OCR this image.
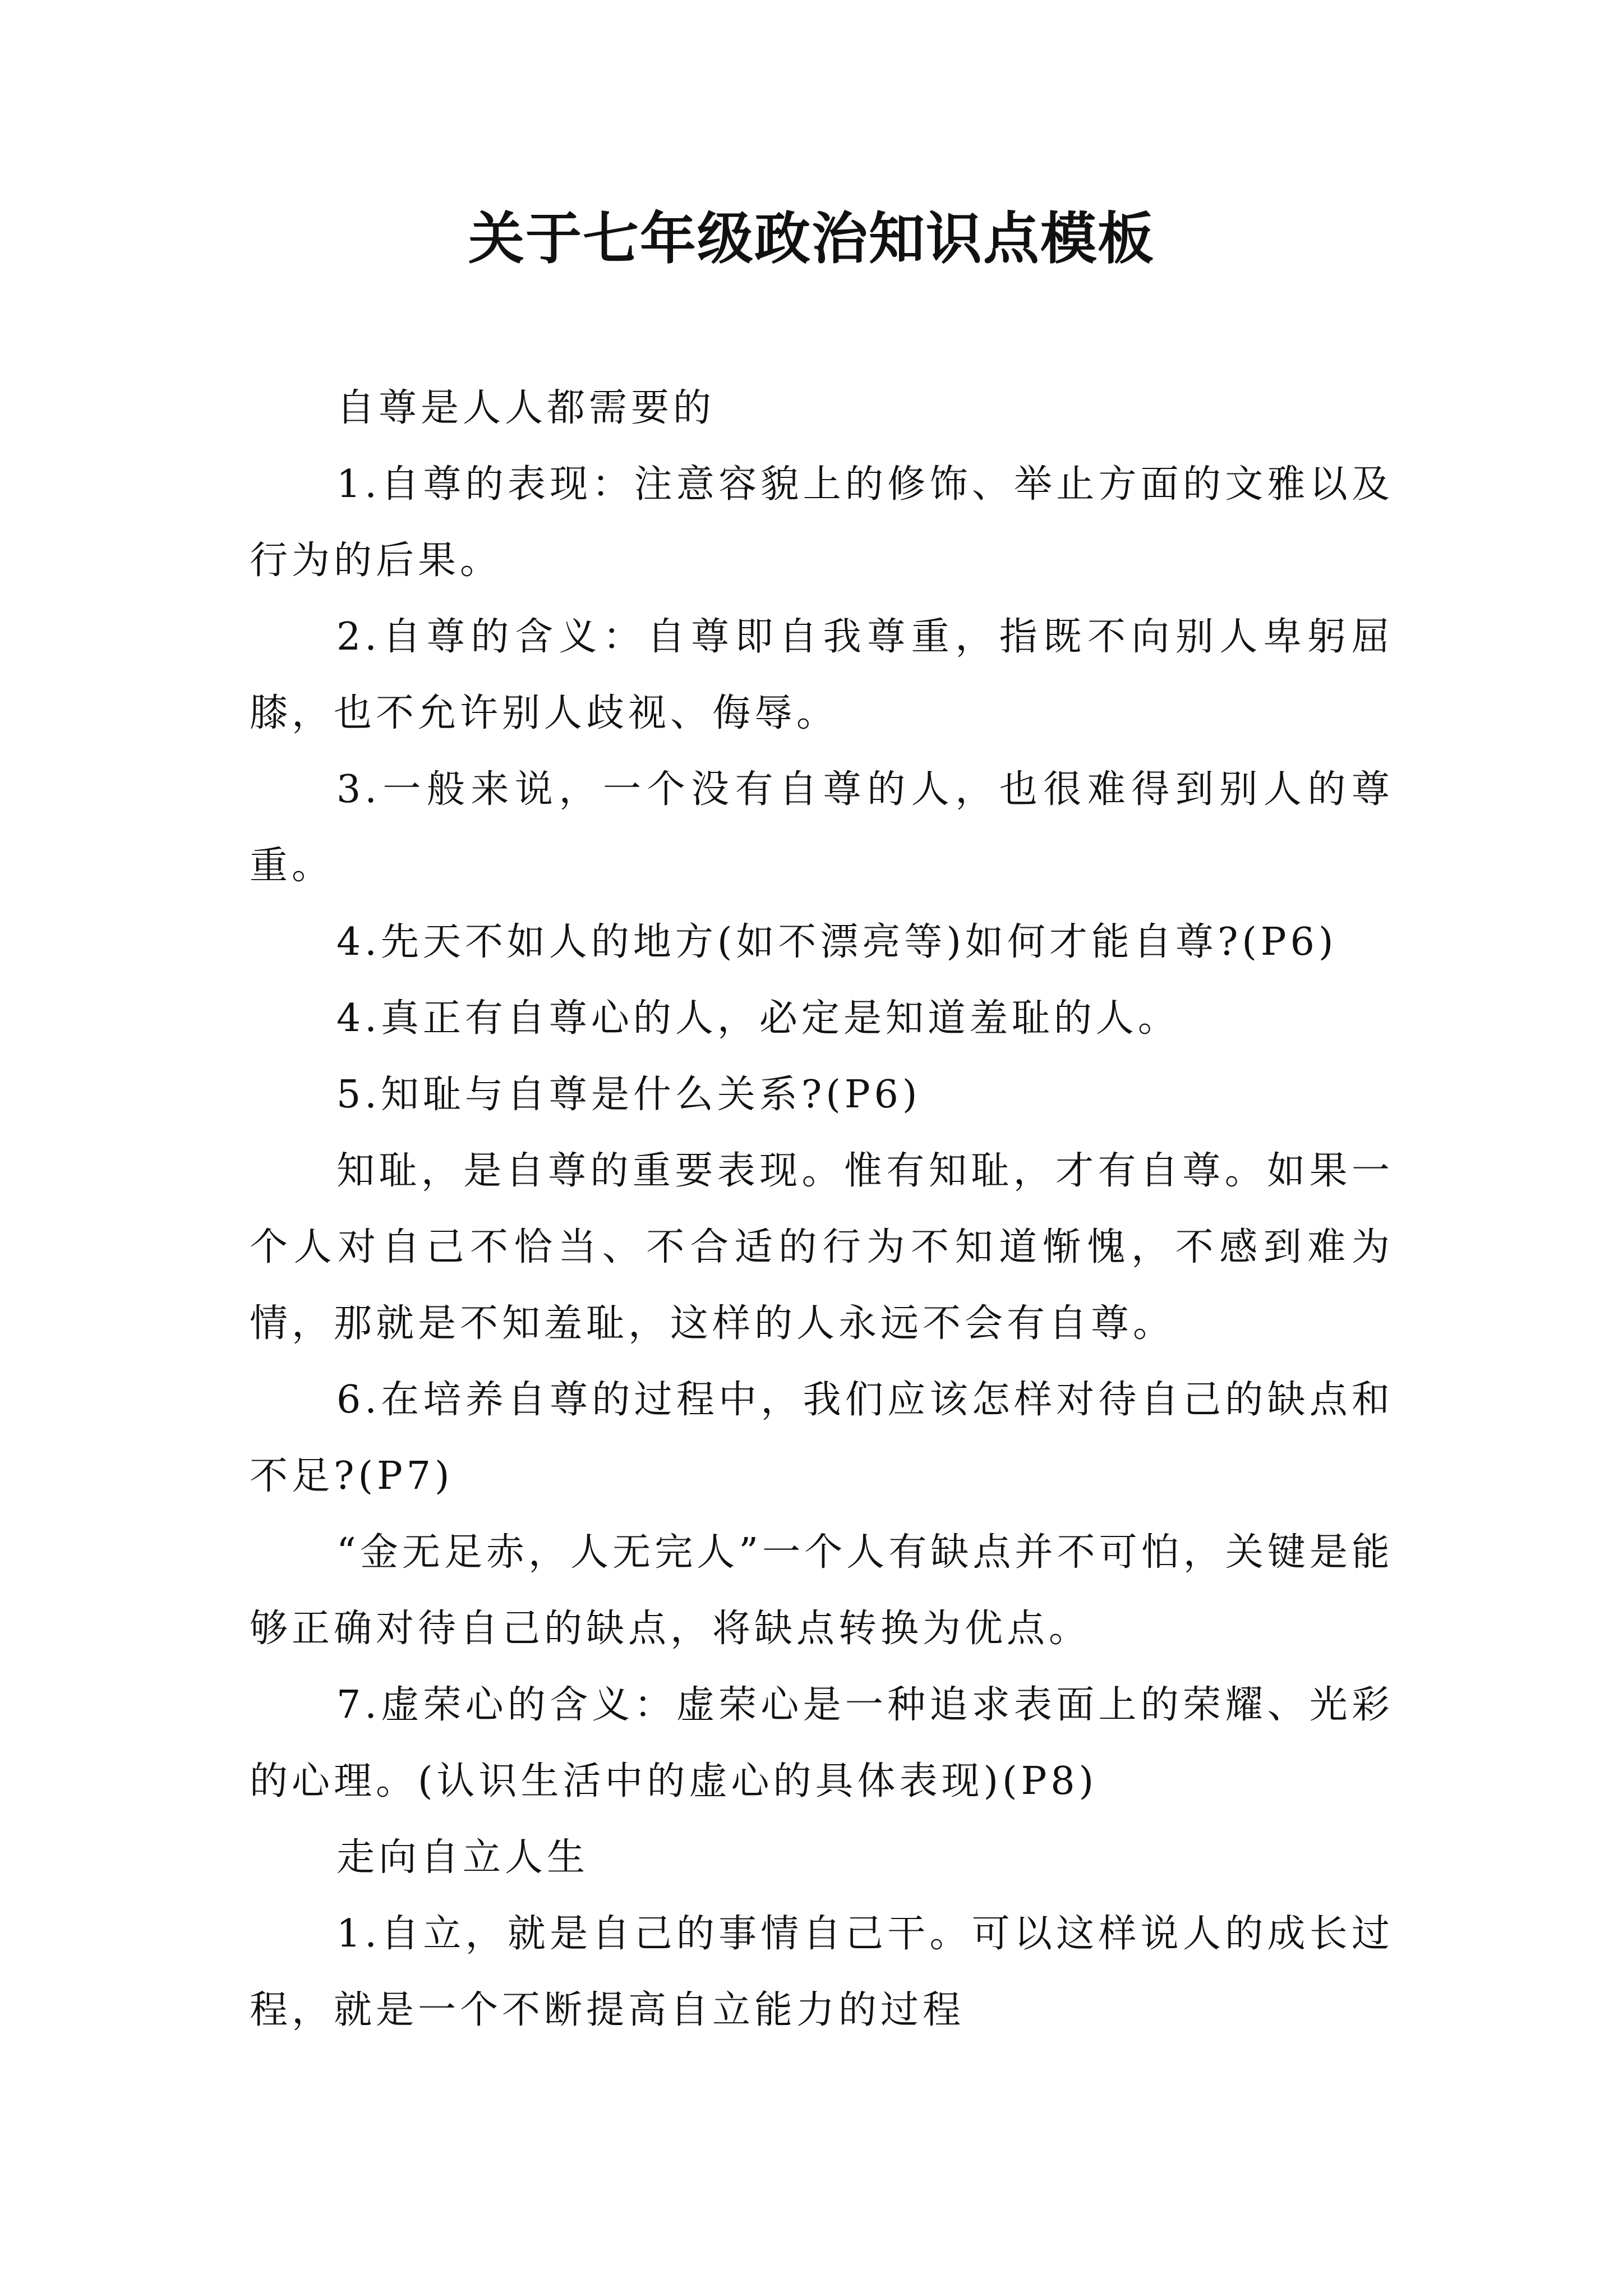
关于七年级政治知识点模板

自尊是人人都需要的

1.自尊的表现：注意容貌上的修饰、举止方面的文雅以及行为的后果。

2.自尊的含义：自尊即自我尊重，指既不向别人卑躬屈膝，也不允许别人歧视、侮辱。

3.一般来说，一个没有自尊的人，也很难得到别人的尊重。

4.先天不如人的地方(如不漂亮等)如何才能自尊?(P6)

4.真正有自尊心的人，必定是知道羞耻的人。

5.知耻与自尊是什么关系?(P6)

知耻，是自尊的重要表现。惟有知耻，才有自尊。如果一个人对自己不恰当、不合适的行为不知道惭愧，不感到难为情，那就是不知羞耻，这样的人永远不会有自尊。

6.在培养自尊的过程中，我们应该怎样对待自己的缺点和不足?(P7)

“金无足赤，人无完人”一个人有缺点并不可怕，关键是能够正确对待自己的缺点，将缺点转换为优点。

7.虚荣心的含义：虚荣心是一种追求表面上的荣耀、光彩的心理。(认识生活中的虚心的具体表现)(P8)

走向自立人生

1.自立，就是自己的事情自己干。可以这样说人的成长过程，就是一个不断提高自立能力的过程
